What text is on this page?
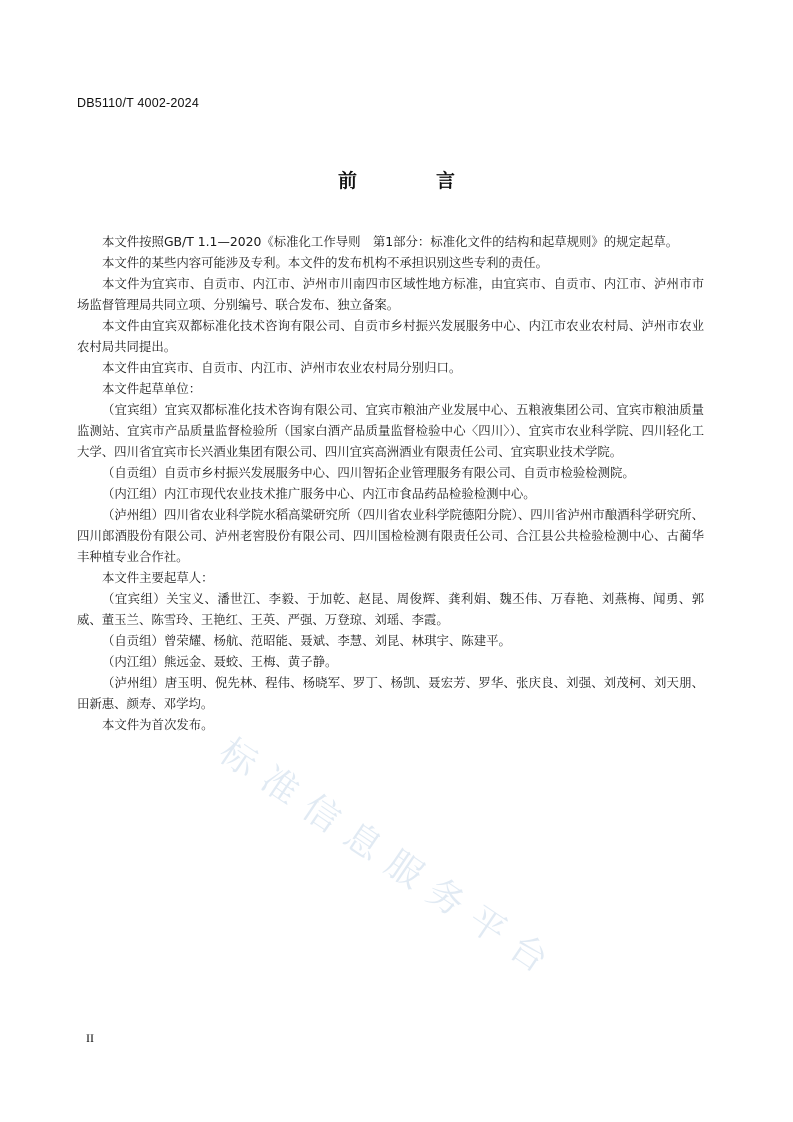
DB5110/T 4002-2024
前　言

本文件按照GB/T 1.1—2020《标准化工作导则　第1部分：标准化文件的结构和起草规则》的规定起草。

本文件的某些内容可能涉及专利。本文件的发布机构不承担识别这些专利的责任。

本文件为宜宾市、自贡市、内江市、泸州市川南四市区域性地方标准，由宜宾市、自贡市、内江市、泸州市市场监督管理局共同立项、分别编号、联合发布、独立备案。

本文件由宜宾双都标准化技术咨询有限公司、自贡市乡村振兴发展服务中心、内江市农业农村局、泸州市农业农村局共同提出。

本文件由宜宾市、自贡市、内江市、泸州市农业农村局分别归口。

本文件起草单位：

（宜宾组）宜宾双都标准化技术咨询有限公司、宜宾市粮油产业发展中心、五粮液集团公司、宜宾市粮油质量监测站、宜宾市产品质量监督检验所（国家白酒产品质量监督检验中心〈四川〉）、宜宾市农业科学院、四川轻化工大学、四川省宜宾市长兴酒业集团有限公司、四川宜宾高洲酒业有限责任公司、宜宾职业技术学院。

（自贡组）自贡市乡村振兴发展服务中心、四川智拓企业管理服务有限公司、自贡市检验检测院。

（内江组）内江市现代农业技术推广服务中心、内江市食品药品检验检测中心。

（泸州组）四川省农业科学院水稻高粱研究所（四川省农业科学院德阳分院）、四川省泸州市酿酒科学研究所、四川郎酒股份有限公司、泸州老窖股份有限公司、四川国检检测有限责任公司、合江县公共检验检测中心、古蔺华丰种植专业合作社。

本文件主要起草人：

（宜宾组）关宝义、潘世江、李毅、于加乾、赵昆、周俊辉、龚利娟、魏丕伟、万春艳、刘燕梅、闻勇、郭威、董玉兰、陈雪玲、王艳红、王英、严强、万登琼、刘瑶、李霞。

（自贡组）曾荣耀、杨航、范昭能、聂斌、李慧、刘昆、林琪宇、陈建平。

（内江组）熊远金、聂蛟、王梅、黄子静。

（泸州组）唐玉明、倪先林、程伟、杨晓军、罗丁、杨凯、聂宏芳、罗华、张庆良、刘强、刘茂柯、刘天朋、田新惠、颜寿、邓学均。

本文件为首次发布。

标准信息服务平台
II
